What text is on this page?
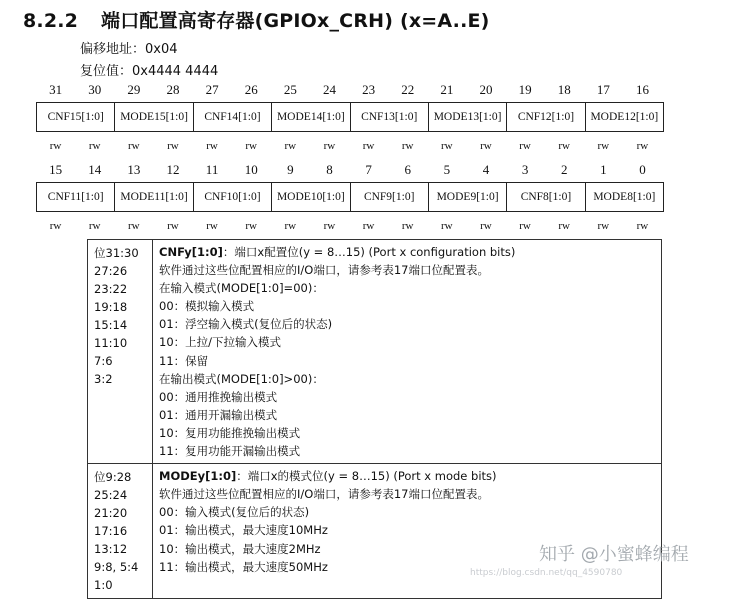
8.2.2 端口配置高寄存器(GPIOx_CRH) (x=A..E)
偏移地址：0x04
复位值：0x4444 4444
31	30	29	28	27	26	25	24	23	22	21	20	19	18	17	16
CNF15[1:0]	MODE15[1:0]	CNF14[1:0]	MODE14[1:0]	CNF13[1:0]	MODE13[1:0]	CNF12[1:0]	MODE12[1:0]
rw	rw	rw	rw	rw	rw	rw	rw	rw	rw	rw	rw	rw	rw	rw	rw
15	14	13	12	11	10	9	8	7	6	5	4	3	2	1	0
CNF11[1:0]	MODE11[1:0]	CNF10[1:0]	MODE10[1:0]	CNF9[1:0]	MODE9[1:0]	CNF8[1:0]	MODE8[1:0]
rw	rw	rw	rw	rw	rw	rw	rw	rw	rw	rw	rw	rw	rw	rw	rw
位31:30
27:26
23:22
19:18
15:14
11:10
7:6
3:2
CNFy[1:0]：端口x配置位(y = 8…15) (Port x configuration bits)
软件通过这些位配置相应的I/O端口，请参考表17端口位配置表。
在输入模式(MODE[1:0]=00)：
00：模拟输入模式
01：浮空输入模式(复位后的状态)
10：上拉/下拉输入模式
11：保留
在输出模式(MODE[1:0]>00)：
00：通用推挽输出模式
01：通用开漏输出模式
10：复用功能推挽输出模式
11：复用功能开漏输出模式
位9:28
25:24
21:20
17:16
13:12
9:8, 5:4
1:0
MODEy[1:0]：端口x的模式位(y = 8…15) (Port x mode bits)
软件通过这些位配置相应的I/O端口，请参考表17端口位配置表。
00：输入模式(复位后的状态)
01：输出模式，最大速度10MHz
10：输出模式，最大速度2MHz
11：输出模式，最大速度50MHz
知乎 @小蜜蜂编程
https://blog.csdn.net/qq_4590780
